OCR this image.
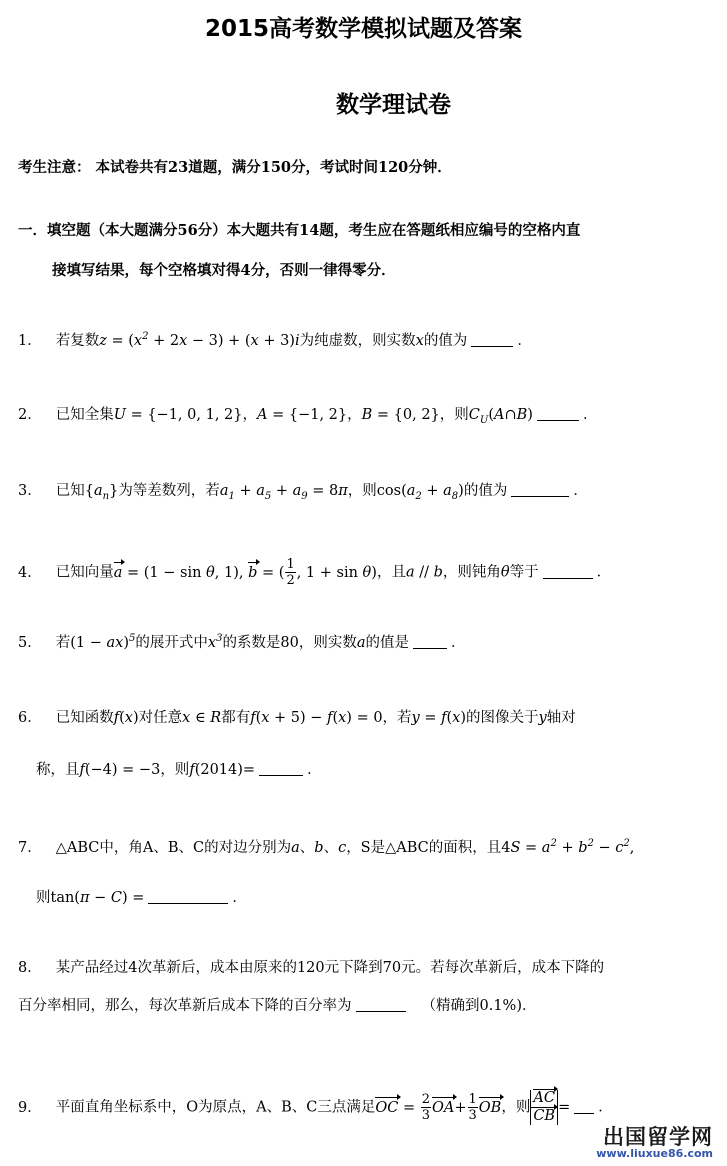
2015高考数学模拟试题及答案
数学理试卷
考生注意： 本试卷共有23道题，满分150分，考试时间120分钟．
一．填空题（本大题满分56分）本大题共有14题，考生应在答题纸相应编号的空格内直
接填写结果，每个空格填对得4分，否则一律得零分．
1． 若复数$z = (x^2 + 2x - 3) + (x + 3)i$为纯虚数，则实数x的值为	．
2． 已知全集U = {−1, 0, 1, 2}，A = {−1, 2}，B = {0, 2}，则$C_U(A\cap B)$	．
3． 已知$\{a_n\}$为等差数列，若$a_1 + a_5 + a_9 = 8\pi$，则$\cos(a_2 + a_8)$的值为	．
4． 已知向量a = (1 − sin θ, 1), b = ( $\frac{1}{2}$ , 1 + sin θ)，且a // b，则钝角θ等于	．
5． 若(1 − ax)$^5$的展开式中$x^3$的系数是80，则实数a的值是	．
6． 已知函数f(x)对任意x ∈ R都有f(x + 5) − f(x) = 0，若y = f(x)的图像关于y轴对
称，且f(−4) = −3，则f(2014)=	．
7． △ABC中，角A、B、C的对边分别为a、b、c，S是△ABC的面积，且$4S = a^2 + b^2 - c^2$,
则tan(π − C) =	．
8． 某产品经过4次革新后，成本由原来的120元下降到70元。若每次革新后，成本下降的
百分率相同，那么，每次革新后成本下降的百分率为	（精确到0.1%)．
9． 平面直角坐标系中，O为原点，A、B、C三点满足OC = $\frac{2}{3} OA+ \frac{1}{3}$ OB，则 $\frac{AC}{CB}$ = ．
出国留学网
www.liuxue86.com
